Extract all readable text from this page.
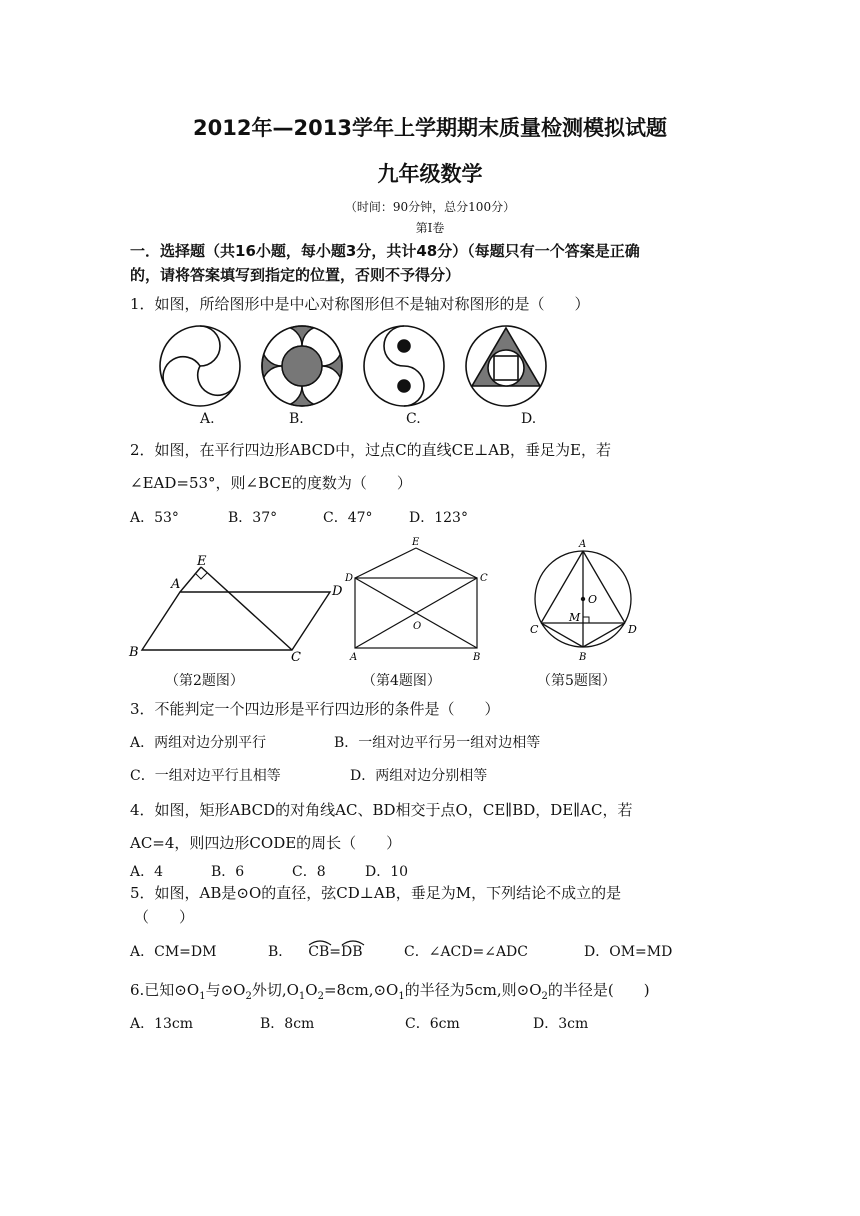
2012年—2013学年上学期期末质量检测模拟试题
九年级数学
（时间：90分钟，总分100分）
第Ⅰ卷
一．选择题（共16小题，每小题3分，共计48分）（每题只有一个答案是正确
的，请将答案填写到指定的位置，否则不予得分）
1．如图，所给图形中是中心对称图形但不是轴对称图形的是（　　）
A.	B.	C.	D.
2．如图，在平行四边形ABCD中，过点C的直线CE⊥AB，垂足为E，若
∠EAD=53°，则∠BCE的度数为（　　）
A．53°	B．37°	C．47°	D．123°
E
A	D
B	C
E
D	C
O
A	B
A
O
M
C	D
B
（第2题图）	（第4题图）	（第5题图）
3．不能判定一个四边形是平行四边形的条件是（　　）
A．两组对边分别平行	B．一组对边平行另一组对边相等
C．一组对边平行且相等	D．两组对边分别相等
4．如图，矩形ABCD的对角线AC、BD相交于点O，CE∥BD，DE∥AC，若
AC=4，则四边形CODE的周长（　　）
A．4	B．6	C．8	D．10
5．如图，AB是⊙O的直径，弦CD⊥AB，垂足为M，下列结论不成立的是
（　　）
A．CM=DM	B． CB=
DB	C．∠ACD=∠ADC	D．OM=MD
6.已知$⊙O_1$与$⊙O_2$外切$,O_1O_2=8cm,⊙O_1$的半径为5cm,则$⊙O_2$的半径是(　　)
A．13cm	B．8cm	C．6cm	D．3cm
